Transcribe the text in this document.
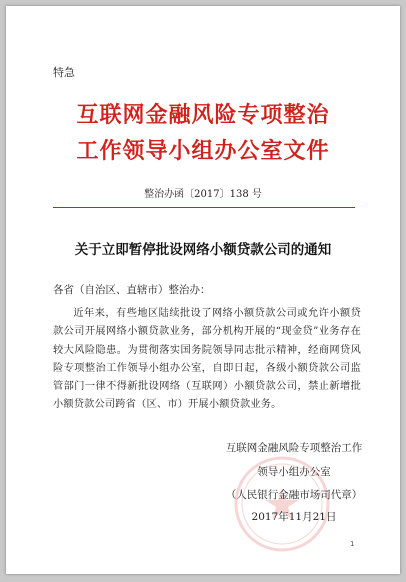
特急
互联网金融风险专项整治
工作领导小组办公室文件
整治办函〔2017〕138 号
关于立即暂停批设网络小额贷款公司的通知
各省（自治区、直辖市）整治办：
近年来，有些地区陆续批设了网络小额贷款公司或允许小额贷款公司开展网络小额贷款业务，部分机构开展的“现金贷”业务存在较大风险隐患。为贯彻落实国务院领导同志批示精神，经商网贷风险专项整治工作领导小组办公室，自即日起，各级小额贷款公司监管部门一律不得新批设网络（互联网）小额贷款公司，禁止新增批小额贷款公司跨省（区、市）开展小额贷款业务。
互联网金融风险专项整治工作
领导小组办公室
（人民银行金融市场司代章）
2017年11月21日
1
